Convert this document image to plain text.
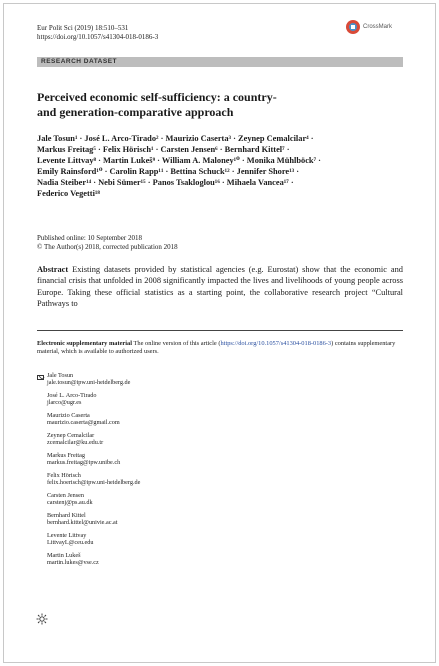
Eur Polit Sci (2019) 18:510–531
https://doi.org/10.1057/s41304-018-0186-3
CrossMark
RESEARCH DATASET
Perceived economic self-sufficiency: a country-
and generation-comparative approach
Jale Tosun¹ · José L. Arco-Tirado² · Maurizio Caserta³ · Zeynep Cemalcilar⁴ ·
Markus Freitag⁵ · Felix Hörisch¹ · Carsten Jensen⁶ · Bernhard Kittel⁷ ·
Levente Littvay⁸ · Martin Lukeš⁹ · William A. Maloney¹⁰ · Monika Mühlböck⁷ ·
Emily Rainsford¹⁰ · Carolin Rapp¹¹ · Bettina Schuck¹² · Jennifer Shore¹³ ·
Nadia Steiber¹⁴ · Nebi Sümer¹⁵ · Panos Tsakloglou¹⁶ · Mihaela Vancea¹⁷ ·
Federico Vegetti¹⁸
Published online: 10 September 2018
© The Author(s) 2018, corrected publication 2018
Abstract Existing datasets provided by statistical agencies (e.g. Eurostat) show that the economic and financial crisis that unfolded in 2008 significantly impacted the lives and livelihoods of young people across Europe. Taking these official statistics as a starting point, the collaborative research project “Cultural Pathways to
Electronic supplementary material The online version of this article (https://doi.org/10.1057/s41304-018-0186-3) contains supplementary material, which is available to authorized users.
Jale Tosun
jale.tosun@ipw.uni-heidelberg.de
José L. Arco-Tirado
jlarco@ugr.es
Maurizio Caserta
maurizio.caserta@gmail.com
Zeynep Cemalcilar
zcemalcilar@ku.edu.tr
Markus Freitag
markus.freitag@ipw.unibe.ch
Felix Hörisch
felix.hoerisch@ipw.uni-heidelberg.de
Carsten Jensen
carstenj@ps.au.dk
Bernhard Kittel
bernhard.kittel@univie.ac.at
Levente Littvay
LittvayL@ceu.edu
Martin Lukeš
martin.lukes@vse.cz
